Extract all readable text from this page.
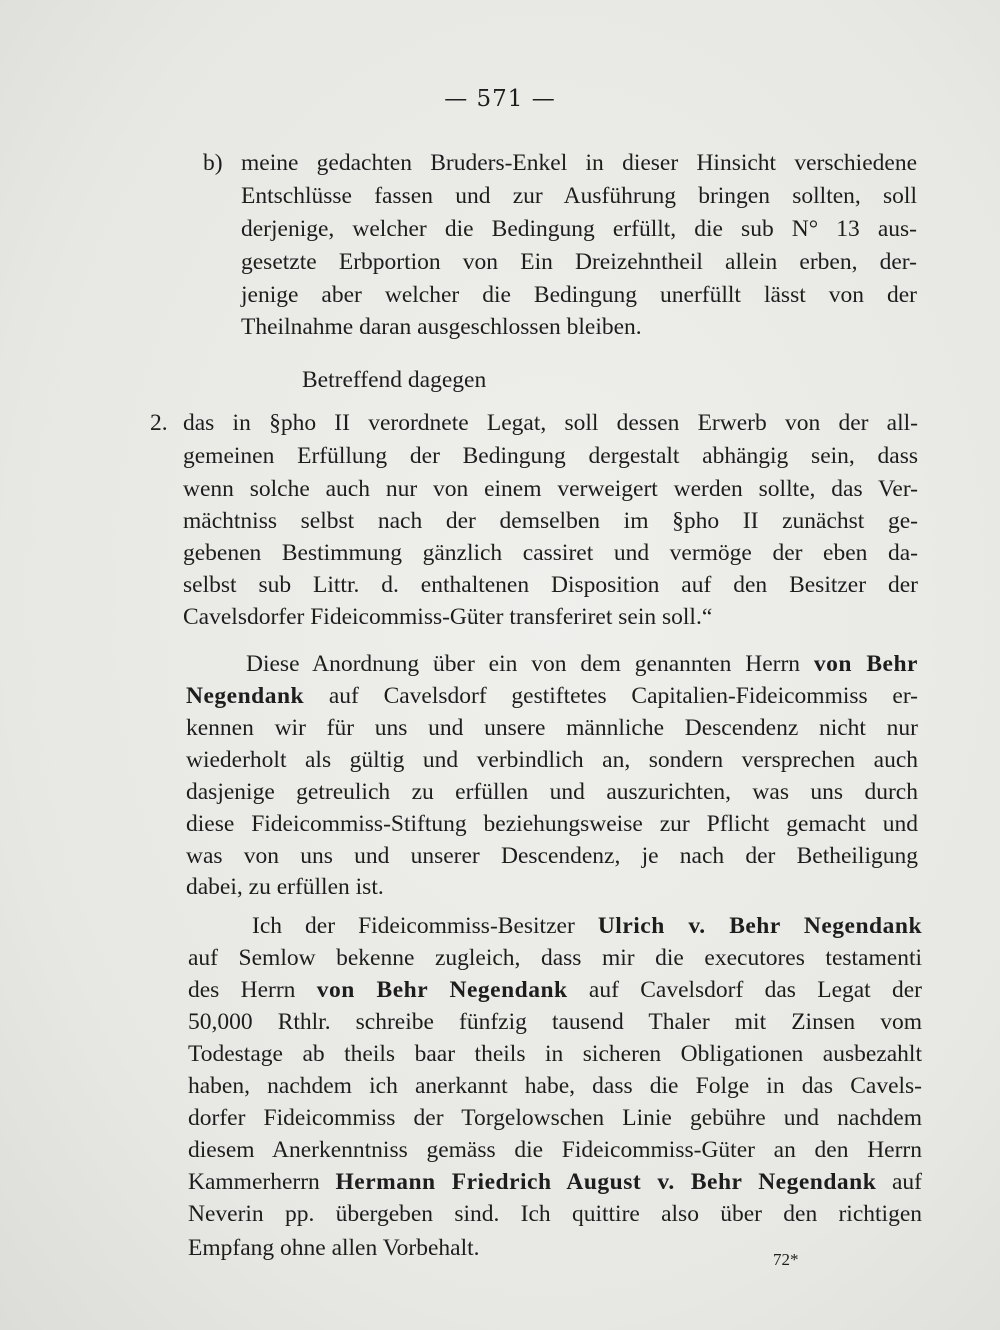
— 571 —
b) meine gedachten Bruders-Enkel in dieser Hinsicht verschiedene
Entschlüsse fassen und zur Ausführung bringen sollten, soll
derjenige, welcher die Bedingung erfüllt, die sub N° 13 aus-
gesetzte Erbportion von Ein Dreizehntheil allein erben, der-
jenige aber welcher die Bedingung unerfüllt lässt von der
Theilnahme daran ausgeschlossen bleiben.
Betreffend dagegen
2. das in §pho II verordnete Legat, soll dessen Erwerb von der all-
gemeinen Erfüllung der Bedingung dergestalt abhängig sein, dass
wenn solche auch nur von einem verweigert werden sollte, das Ver-
mächtniss selbst nach der demselben im §pho II zunächst ge-
gebenen Bestimmung gänzlich cassiret und vermöge der eben da-
selbst sub Littr. d. enthaltenen Disposition auf den Besitzer der
Cavelsdorfer Fideicommiss-Güter transferiret sein soll.“
Diese Anordnung über ein von dem genannten Herrn von Behr
Negendank auf Cavelsdorf gestiftetes Capitalien-Fideicommiss er-
kennen wir für uns und unsere männliche Descendenz nicht nur
wiederholt als gültig und verbindlich an, sondern versprechen auch
dasjenige getreulich zu erfüllen und auszurichten, was uns durch
diese Fideicommiss-Stiftung beziehungsweise zur Pflicht gemacht und
was von uns und unserer Descendenz, je nach der Betheiligung
dabei, zu erfüllen ist.
Ich der Fideicommiss-Besitzer Ulrich v. Behr Negendank
auf Semlow bekenne zugleich, dass mir die executores testamenti
des Herrn von Behr Negendank auf Cavelsdorf das Legat der
50,000 Rthlr. schreibe fünfzig tausend Thaler mit Zinsen vom
Todestage ab theils baar theils in sicheren Obligationen ausbezahlt
haben, nachdem ich anerkannt habe, dass die Folge in das Cavels-
dorfer Fideicommiss der Torgelowschen Linie gebühre und nachdem
diesem Anerkenntniss gemäss die Fideicommiss-Güter an den Herrn
Kammerherrn Hermann Friedrich August v. Behr Negendank auf
Neverin pp. übergeben sind. Ich quittire also über den richtigen
Empfang ohne allen Vorbehalt.	72*
